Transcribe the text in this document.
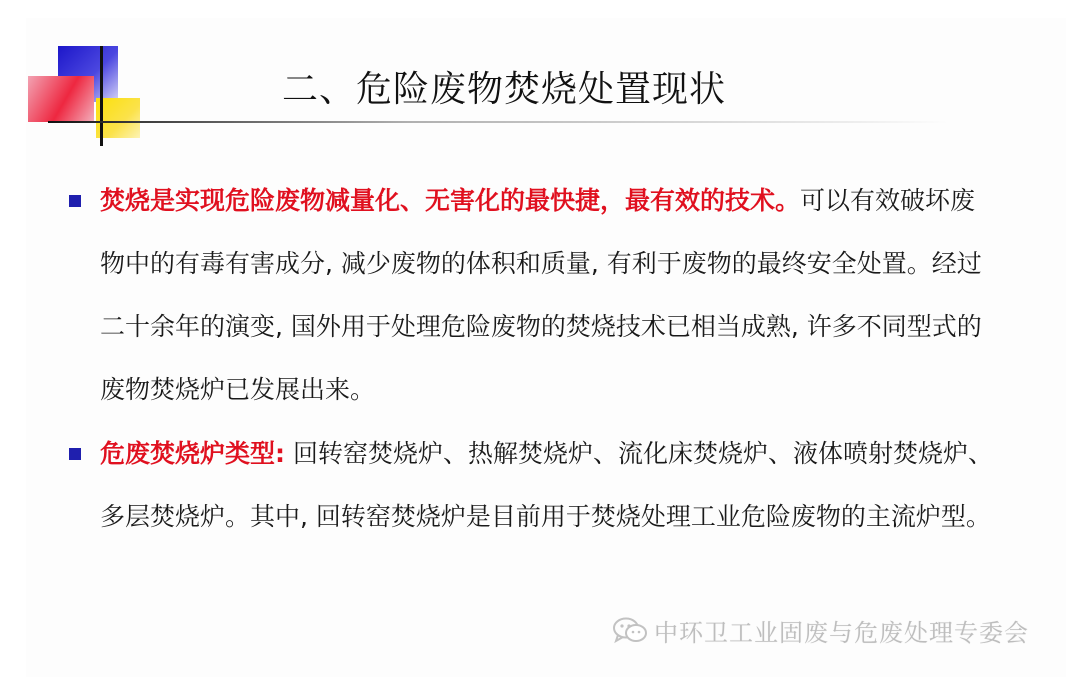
二、危险废物焚烧处置现状
焚烧是实现危险废物减量化、无害化的最快捷，最有效的技术。可以有效破坏废物中的有毒有害成分, 减少废物的体积和质量, 有利于废物的最终安全处置。经过二十余年的演变, 国外用于处理危险废物的焚烧技术已相当成熟, 许多不同型式的废物焚烧炉已发展出来。
危废焚烧炉类型: 回转窑焚烧炉、热解焚烧炉、流化床焚烧炉、液体喷射焚烧炉、多层焚烧炉。其中, 回转窑焚烧炉是目前用于焚烧处理工业危险废物的主流炉型。
中环卫工业固废与危废处理专委会
